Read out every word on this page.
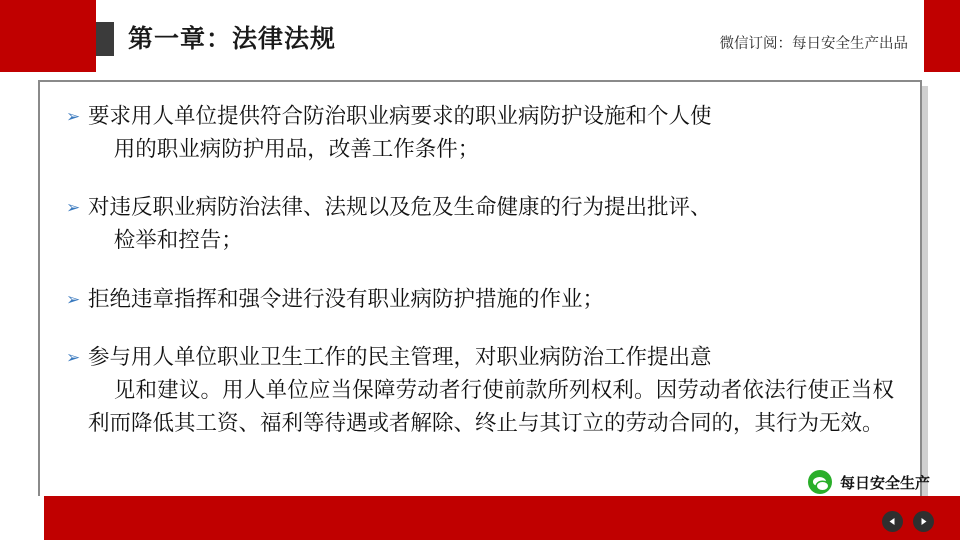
第一章：法律法规	微信订阅：每日安全生产出品
➢ 要求用人单位提供符合防治职业病要求的职业病防护设施和个人使
用的职业病防护用品，改善工作条件；
➢ 对违反职业病防治法律、法规以及危及生命健康的行为提出批评、
检举和控告；
➢ 拒绝违章指挥和强令进行没有职业病防护措施的作业；
➢ 参与用人单位职业卫生工作的民主管理，对职业病防治工作提出意
见和建议。用人单位应当保障劳动者行使前款所列权利。因劳动者依法行使正当权利而降低其工资、福利等待遇或者解除、终止与其订立的劳动合同的，其行为无效。
每日安全生产
